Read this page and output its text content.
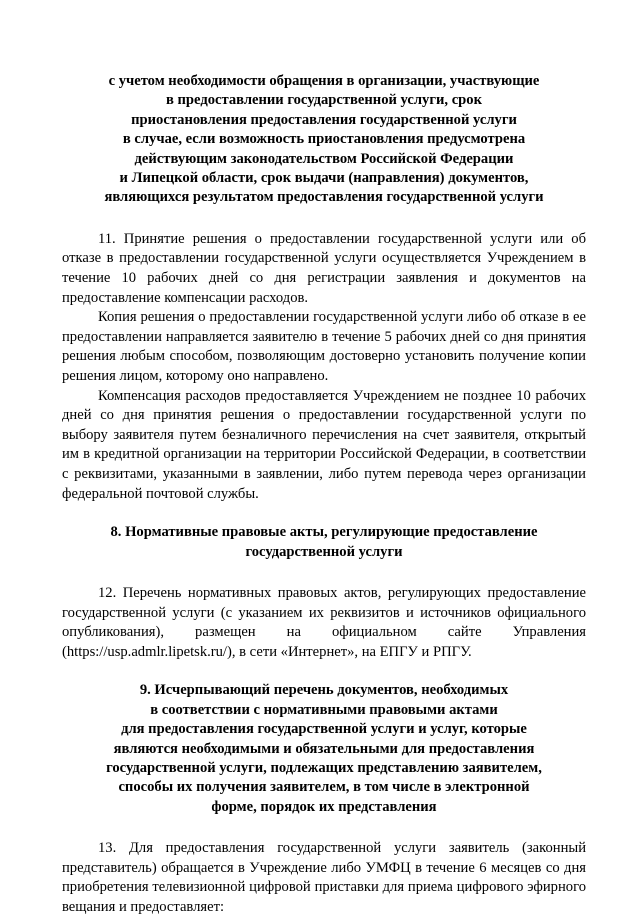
с учетом необходимости обращения в организации, участвующие
в предоставлении государственной услуги, срок
приостановления предоставления государственной услуги
в случае, если возможность приостановления предусмотрена
действующим законодательством Российской Федерации
и Липецкой области, срок выдачи (направления) документов,
являющихся результатом предоставления государственной услуги

11. Принятие решения о предоставлении государственной услуги или об отказе в предоставлении государственной услуги осуществляется Учреждением в течение 10 рабочих дней со дня регистрации заявления и документов на предоставление компенсации расходов.

Копия решения о предоставлении государственной услуги либо об отказе в ее предоставлении направляется заявителю в течение 5 рабочих дней со дня принятия решения любым способом, позволяющим достоверно установить получение копии решения лицом, которому оно направлено.

Компенсация расходов предоставляется Учреждением не позднее 10 рабочих дней со дня принятия решения о предоставлении государственной услуги по выбору заявителя путем безналичного перечисления на счет заявителя, открытый им в кредитной организации на территории Российской Федерации, в соответствии с реквизитами, указанными в заявлении, либо путем перевода через организации федеральной почтовой службы.

8. Нормативные правовые акты, регулирующие предоставление
государственной услуги

12. Перечень нормативных правовых актов, регулирующих предоставление государственной услуги (с указанием их реквизитов и источников официального опубликования), размещен на официальном сайте Управления (https://usp.admlr.lipetsk.ru/), в сети «Интернет», на ЕПГУ и РПГУ.

9. Исчерпывающий перечень документов, необходимых
в соответствии с нормативными правовыми актами
для предоставления государственной услуги и услуг, которые
являются необходимыми и обязательными для предоставления
государственной услуги, подлежащих представлению заявителем,
способы их получения заявителем, в том числе в электронной
форме, порядок их представления

13. Для предоставления государственной услуги заявитель (законный представитель) обращается в Учреждение либо УМФЦ в течение 6 месяцев со дня приобретения телевизионной цифровой приставки для приема цифрового эфирного вещания и предоставляет:
